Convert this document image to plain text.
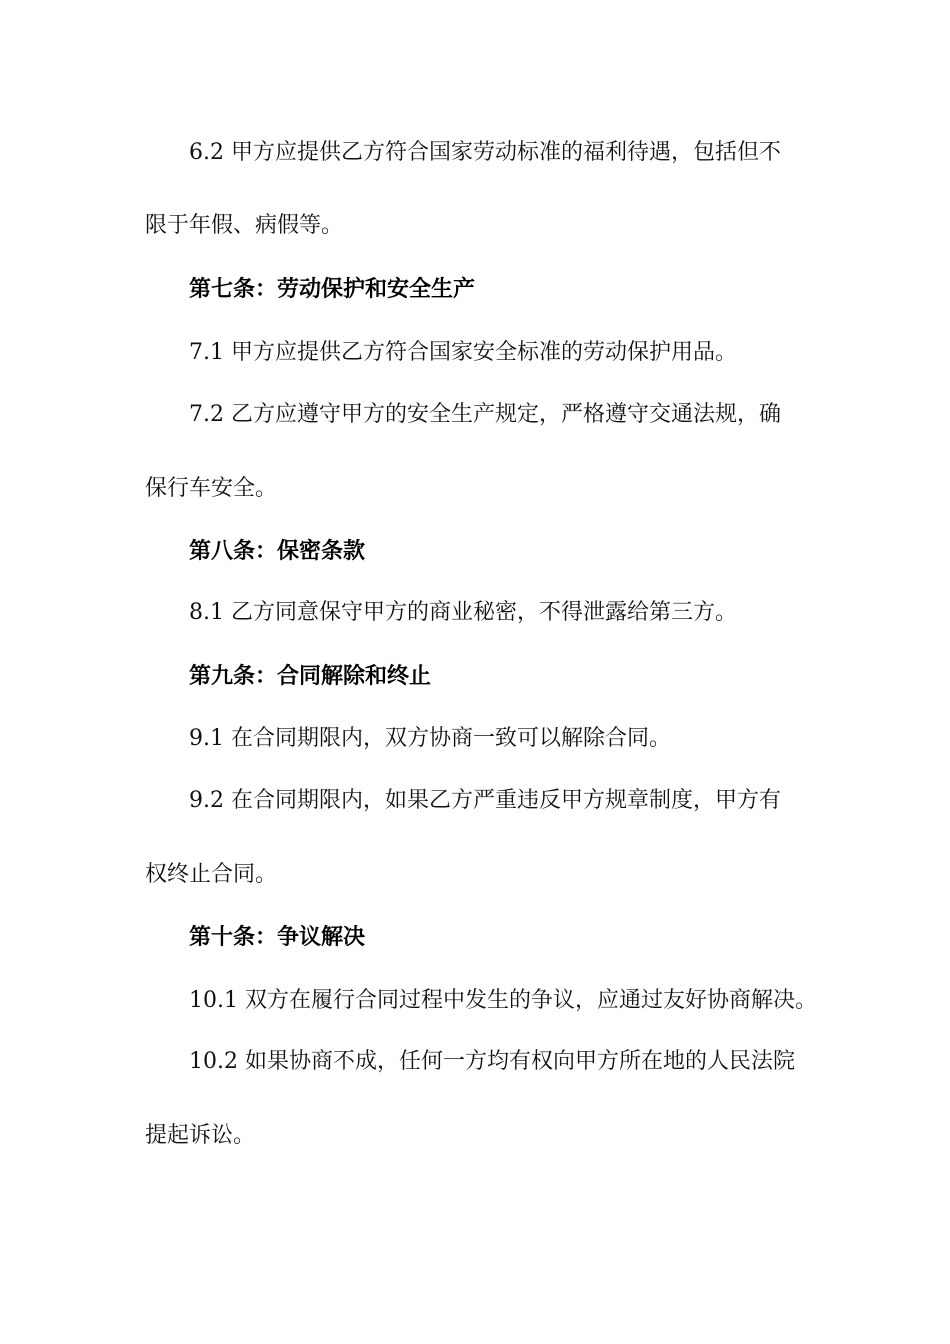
6.2 甲方应提供乙方符合国家劳动标准的福利待遇，包括但不
限于年假、病假等。
第七条：劳动保护和安全生产
7.1 甲方应提供乙方符合国家安全标准的劳动保护用品。
7.2 乙方应遵守甲方的安全生产规定，严格遵守交通法规，确
保行车安全。
第八条：保密条款
8.1 乙方同意保守甲方的商业秘密，不得泄露给第三方。
第九条：合同解除和终止
9.1 在合同期限内，双方协商一致可以解除合同。
9.2 在合同期限内，如果乙方严重违反甲方规章制度，甲方有
权终止合同。
第十条：争议解决
10.1 双方在履行合同过程中发生的争议，应通过友好协商解决。
10.2 如果协商不成，任何一方均有权向甲方所在地的人民法院
提起诉讼。
